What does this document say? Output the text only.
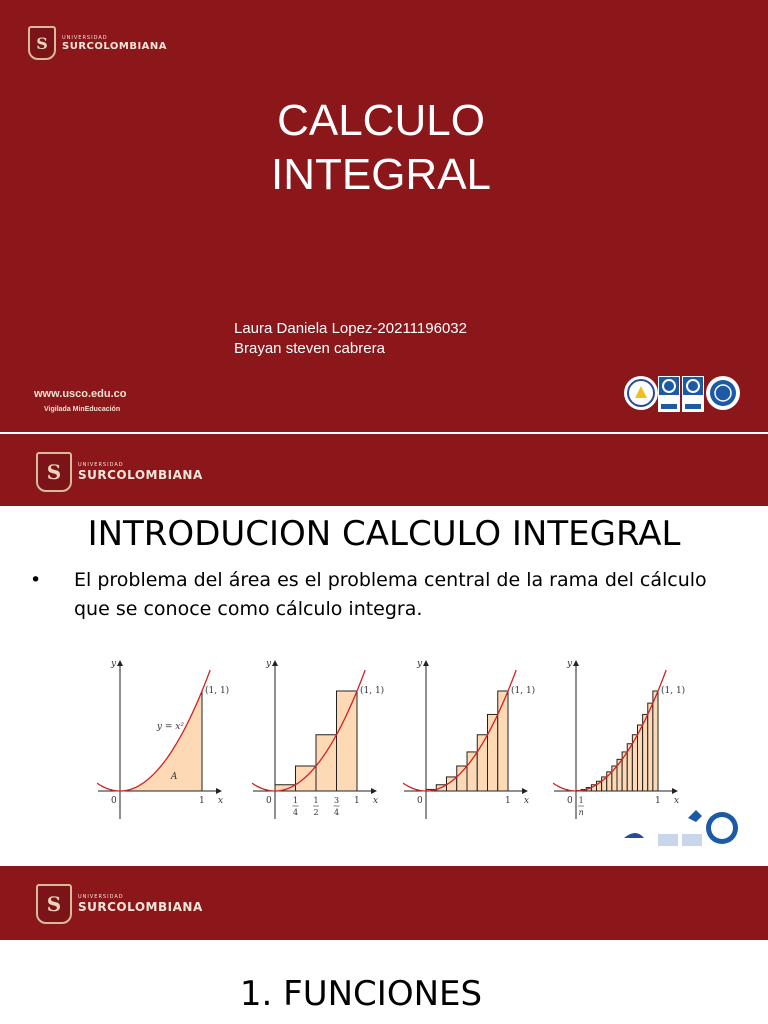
S	UNIVERSIDAD
SURCOLOMBIANA
CALCULO
INTEGRAL
Laura Daniela Lopez-20211196032
Brayan steven cabrera
www.usco.edu.co
Vigilada MinEducación
S	UNIVERSIDAD
SURCOLOMBIANA
INTRODUCION CALCULO INTEGRAL
• El problema del área es el problema central de la rama del cálculo que se conoce como cálculo integra.
y
x
0	1
(1, 1)
y = x²
A
y
x
0	1
(1, 1)
1
4
1
2
3
4
y
x
0	1
(1, 1)
y
x
0	1
(1, 1)
1
n
S	UNIVERSIDAD
SURCOLOMBIANA
1. FUNCIONES
